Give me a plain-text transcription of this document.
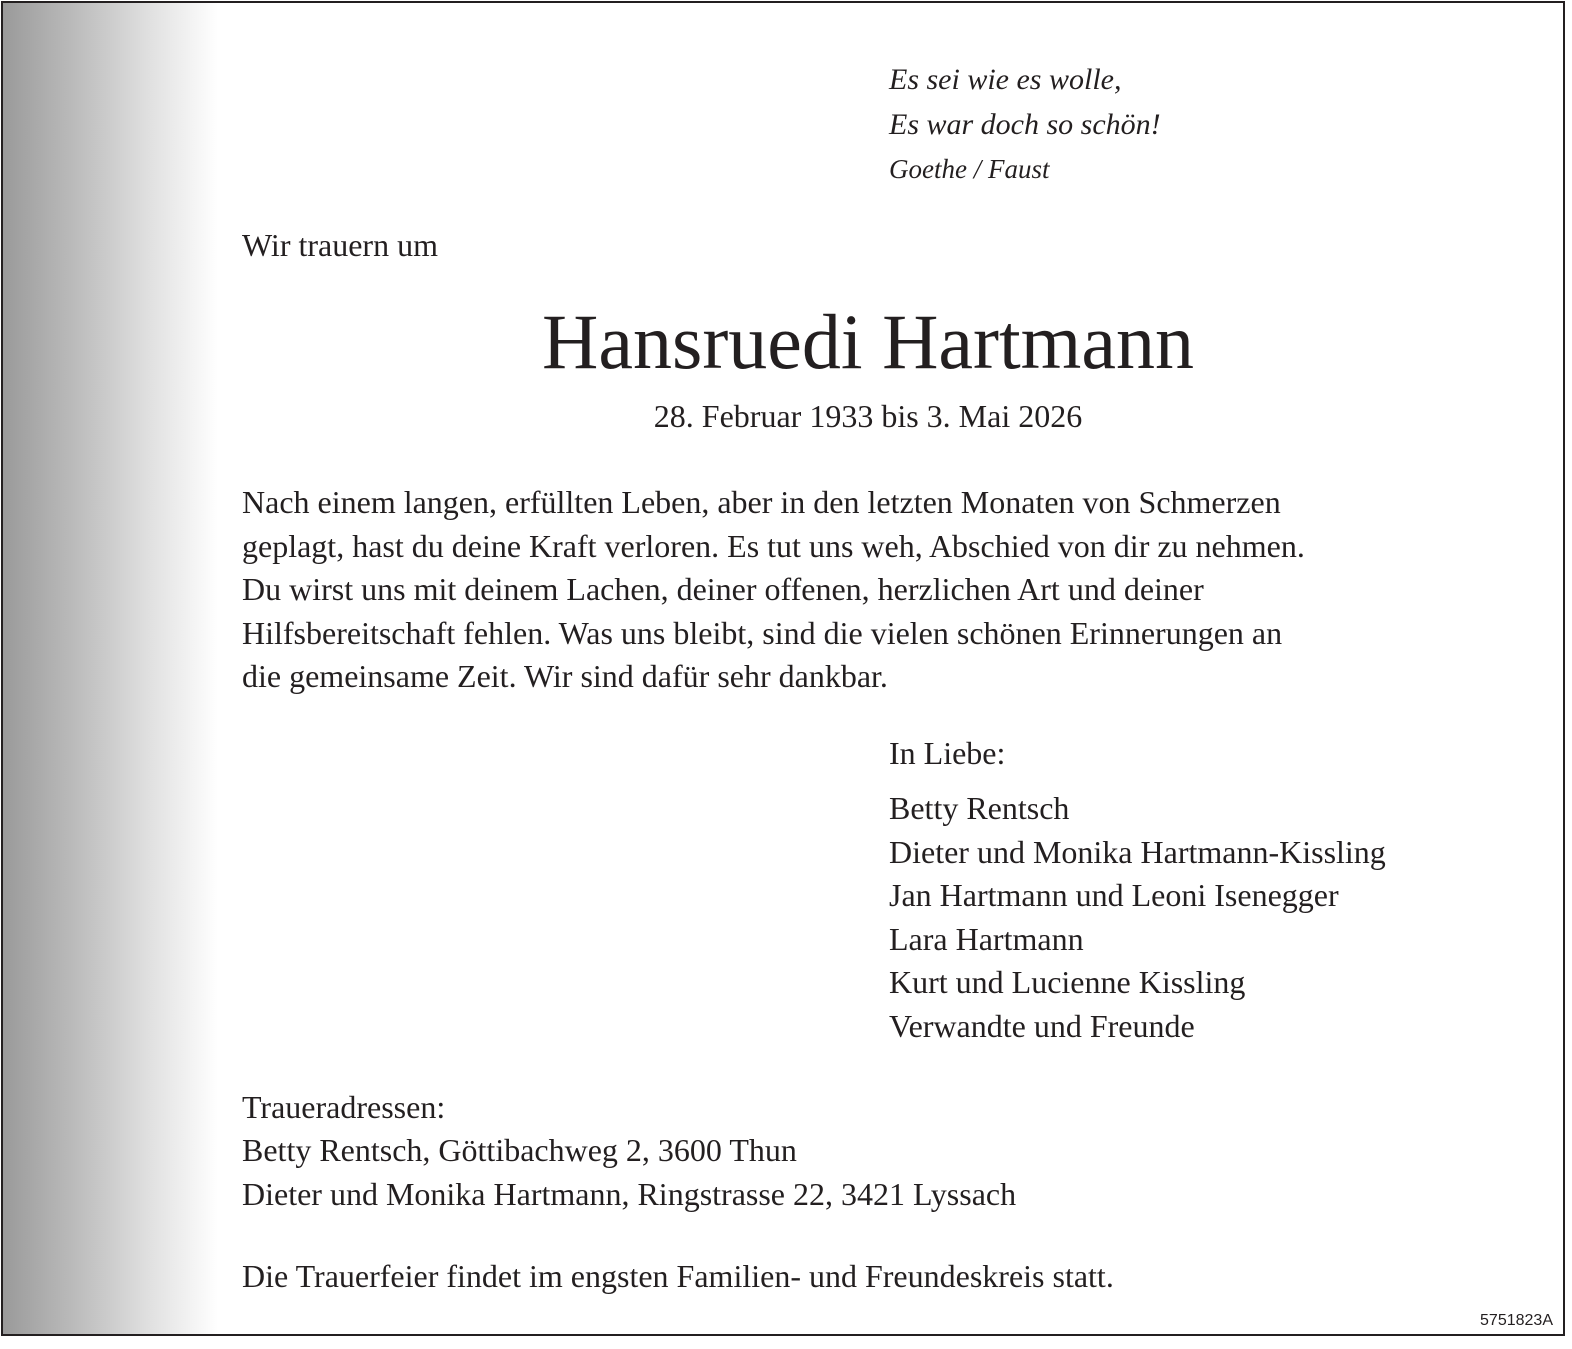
Es sei wie es wolle,
Es war doch so schön!
Goethe / Faust
Wir trauern um
Hansruedi Hartmann
28. Februar 1933 bis 3. Mai 2026
Nach einem langen, erfüllten Leben, aber in den letzten Monaten von Schmerzen
geplagt, hast du deine Kraft verloren. Es tut uns weh, Abschied von dir zu nehmen.
Du wirst uns mit deinem Lachen, deiner offenen, herzlichen Art und deiner
Hilfsbereitschaft fehlen. Was uns bleibt, sind die vielen schönen Erinnerungen an
die gemeinsame Zeit. Wir sind dafür sehr dankbar.
In Liebe:
Betty Rentsch
Dieter und Monika Hartmann-Kissling
Jan Hartmann und Leoni Isenegger
Lara Hartmann
Kurt und Lucienne Kissling
Verwandte und Freunde
Traueradressen:
Betty Rentsch, Göttibachweg 2, 3600 Thun
Dieter und Monika Hartmann, Ringstrasse 22, 3421 Lyssach
Die Trauerfeier findet im engsten Familien- und Freundeskreis statt.
5751823A
